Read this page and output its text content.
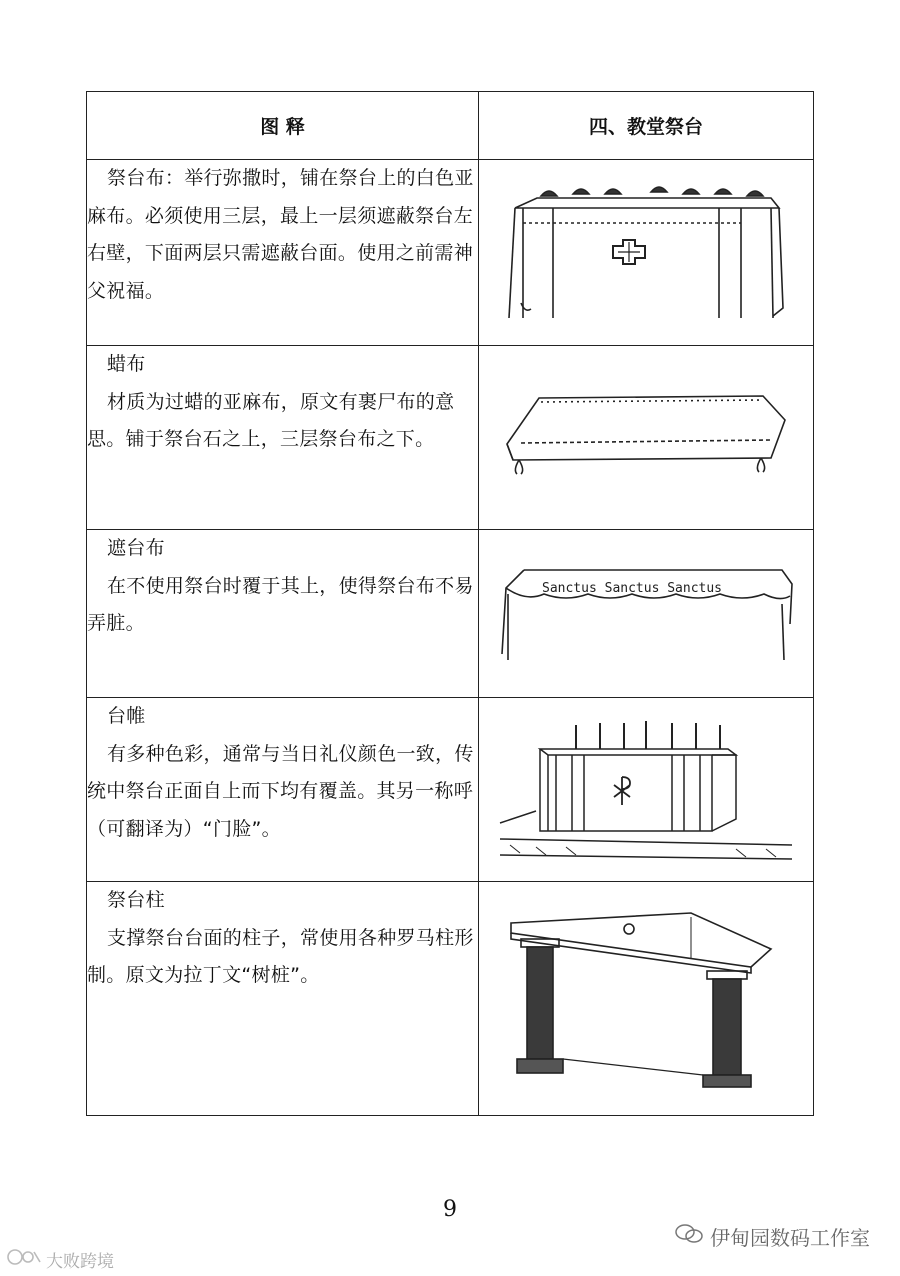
图 释	四、教堂祭台

祭台布：举行弥撒时，铺在祭台上的白色亚麻布。必须使用三层，最上一层须遮蔽祭台左右壁，下面两层只需遮蔽台面。使用之前需神父祝福。

蜡布
材质为过蜡的亚麻布，原文有裹尸布的意思。铺于祭台石之上，三层祭台布之下。

遮台布
在不使用祭台时覆于其上，使得祭台布不易弄脏。	Sanctus Sanctus Sanctus

台帷
有多种色彩，通常与当日礼仪颜色一致，传统中祭台正面自上而下均有覆盖。其另一称呼（可翻译为）“门脸”。

祭台柱
支撑祭台台面的柱子，常使用各种罗马柱形制。原文为拉丁文“树桩”。

9
伊甸园数码工作室
大败跨境
